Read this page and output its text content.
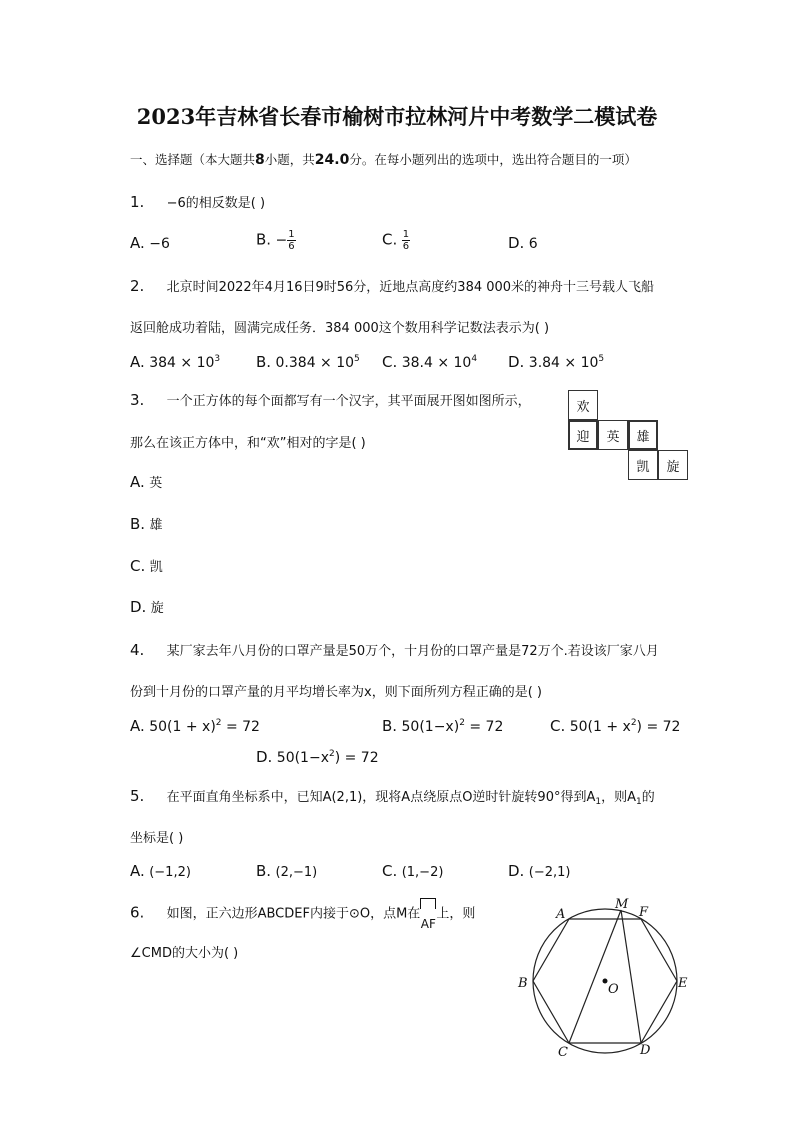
2023年吉林省长春市榆树市拉林河片中考数学二模试卷
一、选择题（本大题共8小题，共24.0分。在每小题列出的选项中，选出符合题目的一项）
1. −6的相反数是( )
A. −6	B. − $\frac{1}{6}$	C. $\frac{1}{6}$	D. 6
2. 北京时间2022年4月16日9时56分，近地点高度约384 000米的神舟十三号载人飞船
返回舱成功着陆，圆满完成任务．384 000这个数用科学记数法表示为( )
A. $384 \times 10^3$ B. $0.384 \times 10^5$ C. $38.4 \times 10^4$ D. $3.84 \times 10^5$
3. 一个正方体的每个面都写有一个汉字，其平面展开图如图所示，
那么在该正方体中，和“欢”相对的字是( )
欢
迎	英	雄
凯	旋
A. 英
B. 雄
C. 凯
D. 旋
4. 某厂家去年八月份的口罩产量是50万个，十月份的口罩产量是72万个.若设该厂家八月
份到十月份的口罩产量的月平均增长率为x，则下面所列方程正确的是( )
A. $50(1 + x)^2 = 72$	B. $50(1-x)^2 = 72$	C. $50(1 + x^2) = 72$
D. $50(1-x^2) = 72$
5. 在平面直角坐标系中，已知A(2,1)，现将A点绕原点O逆时针旋转90°得到$A_1$，则$A_1$的
坐标是( )
A. (−1,2)	B. (2,−1)	C. (1,−2)	D. (−2,1)
6. 如图，正六边形ABCDEF内接于⊙O，点M在
AF
上，则
∠CMD的大小为( )
A
M
F
B	E
O
C	D
